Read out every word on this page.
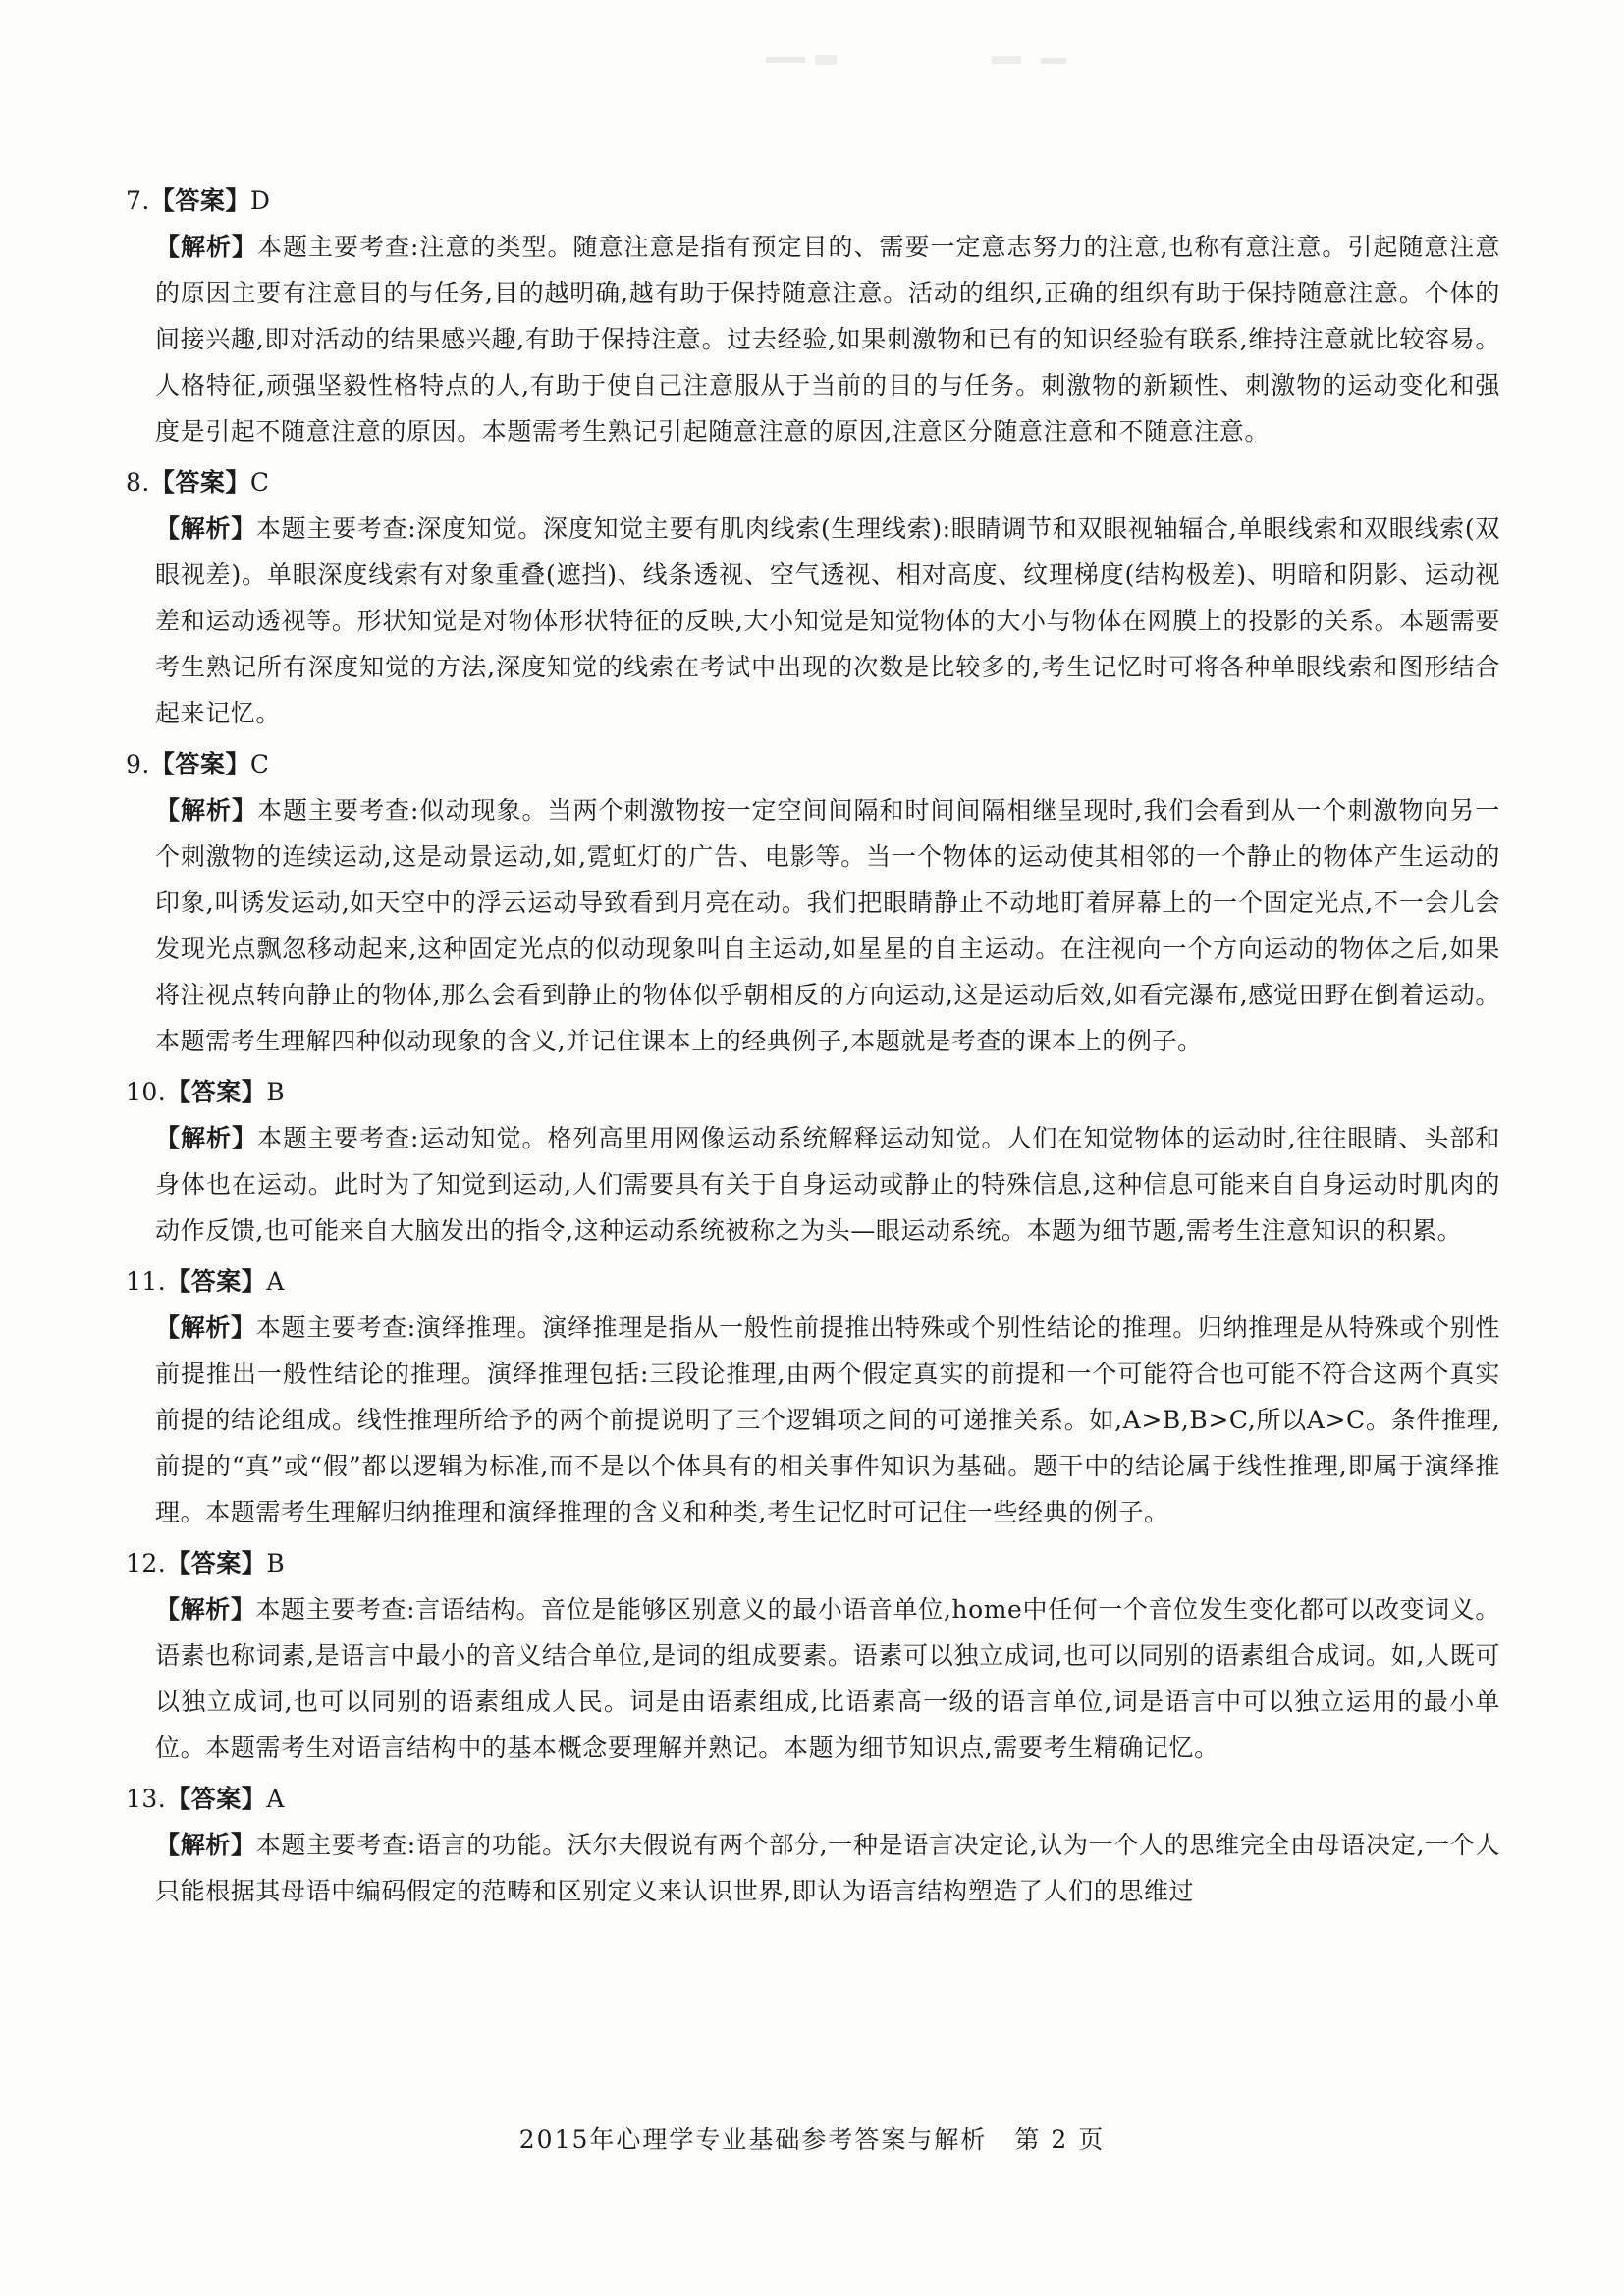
7.【答案】D
【解析】本题主要考查:注意的类型。随意注意是指有预定目的、需要一定意志努力的注意,也称有意注意。引起随意注意的原因主要有注意目的与任务,目的越明确,越有助于保持随意注意。活动的组织,正确的组织有助于保持随意注意。个体的间接兴趣,即对活动的结果感兴趣,有助于保持注意。过去经验,如果刺激物和已有的知识经验有联系,维持注意就比较容易。人格特征,顽强坚毅性格特点的人,有助于使自己注意服从于当前的目的与任务。刺激物的新颖性、刺激物的运动变化和强度是引起不随意注意的原因。本题需考生熟记引起随意注意的原因,注意区分随意注意和不随意注意。
8.【答案】C
【解析】本题主要考查:深度知觉。深度知觉主要有肌肉线索(生理线索):眼睛调节和双眼视轴辐合,单眼线索和双眼线索(双眼视差)。单眼深度线索有对象重叠(遮挡)、线条透视、空气透视、相对高度、纹理梯度(结构极差)、明暗和阴影、运动视差和运动透视等。形状知觉是对物体形状特征的反映,大小知觉是知觉物体的大小与物体在网膜上的投影的关系。本题需要考生熟记所有深度知觉的方法,深度知觉的线索在考试中出现的次数是比较多的,考生记忆时可将各种单眼线索和图形结合起来记忆。
9.【答案】C
【解析】本题主要考查:似动现象。当两个刺激物按一定空间间隔和时间间隔相继呈现时,我们会看到从一个刺激物向另一个刺激物的连续运动,这是动景运动,如,霓虹灯的广告、电影等。当一个物体的运动使其相邻的一个静止的物体产生运动的印象,叫诱发运动,如天空中的浮云运动导致看到月亮在动。我们把眼睛静止不动地盯着屏幕上的一个固定光点,不一会儿会发现光点飘忽移动起来,这种固定光点的似动现象叫自主运动,如星星的自主运动。在注视向一个方向运动的物体之后,如果将注视点转向静止的物体,那么会看到静止的物体似乎朝相反的方向运动,这是运动后效,如看完瀑布,感觉田野在倒着运动。本题需考生理解四种似动现象的含义,并记住课本上的经典例子,本题就是考查的课本上的例子。
10.【答案】B
【解析】本题主要考查:运动知觉。格列高里用网像运动系统解释运动知觉。人们在知觉物体的运动时,往往眼睛、头部和身体也在运动。此时为了知觉到运动,人们需要具有关于自身运动或静止的特殊信息,这种信息可能来自自身运动时肌肉的动作反馈,也可能来自大脑发出的指令,这种运动系统被称之为头—眼运动系统。本题为细节题,需考生注意知识的积累。
11.【答案】A
【解析】本题主要考查:演绎推理。演绎推理是指从一般性前提推出特殊或个别性结论的推理。归纳推理是从特殊或个别性前提推出一般性结论的推理。演绎推理包括:三段论推理,由两个假定真实的前提和一个可能符合也可能不符合这两个真实前提的结论组成。线性推理所给予的两个前提说明了三个逻辑项之间的可递推关系。如,A>B,B>C,所以A>C。条件推理,前提的“真”或“假”都以逻辑为标准,而不是以个体具有的相关事件知识为基础。题干中的结论属于线性推理,即属于演绎推理。本题需考生理解归纳推理和演绎推理的含义和种类,考生记忆时可记住一些经典的例子。
12.【答案】B
【解析】本题主要考查:言语结构。音位是能够区别意义的最小语音单位,home中任何一个音位发生变化都可以改变词义。语素也称词素,是语言中最小的音义结合单位,是词的组成要素。语素可以独立成词,也可以同别的语素组合成词。如,人既可以独立成词,也可以同别的语素组成人民。词是由语素组成,比语素高一级的语言单位,词是语言中可以独立运用的最小单位。本题需考生对语言结构中的基本概念要理解并熟记。本题为细节知识点,需要考生精确记忆。
13.【答案】A
【解析】本题主要考查:语言的功能。沃尔夫假说有两个部分,一种是语言决定论,认为一个人的思维完全由母语决定,一个人只能根据其母语中编码假定的范畴和区别定义来认识世界,即认为语言结构塑造了人们的思维过
2015年心理学专业基础参考答案与解析 第 2 页
